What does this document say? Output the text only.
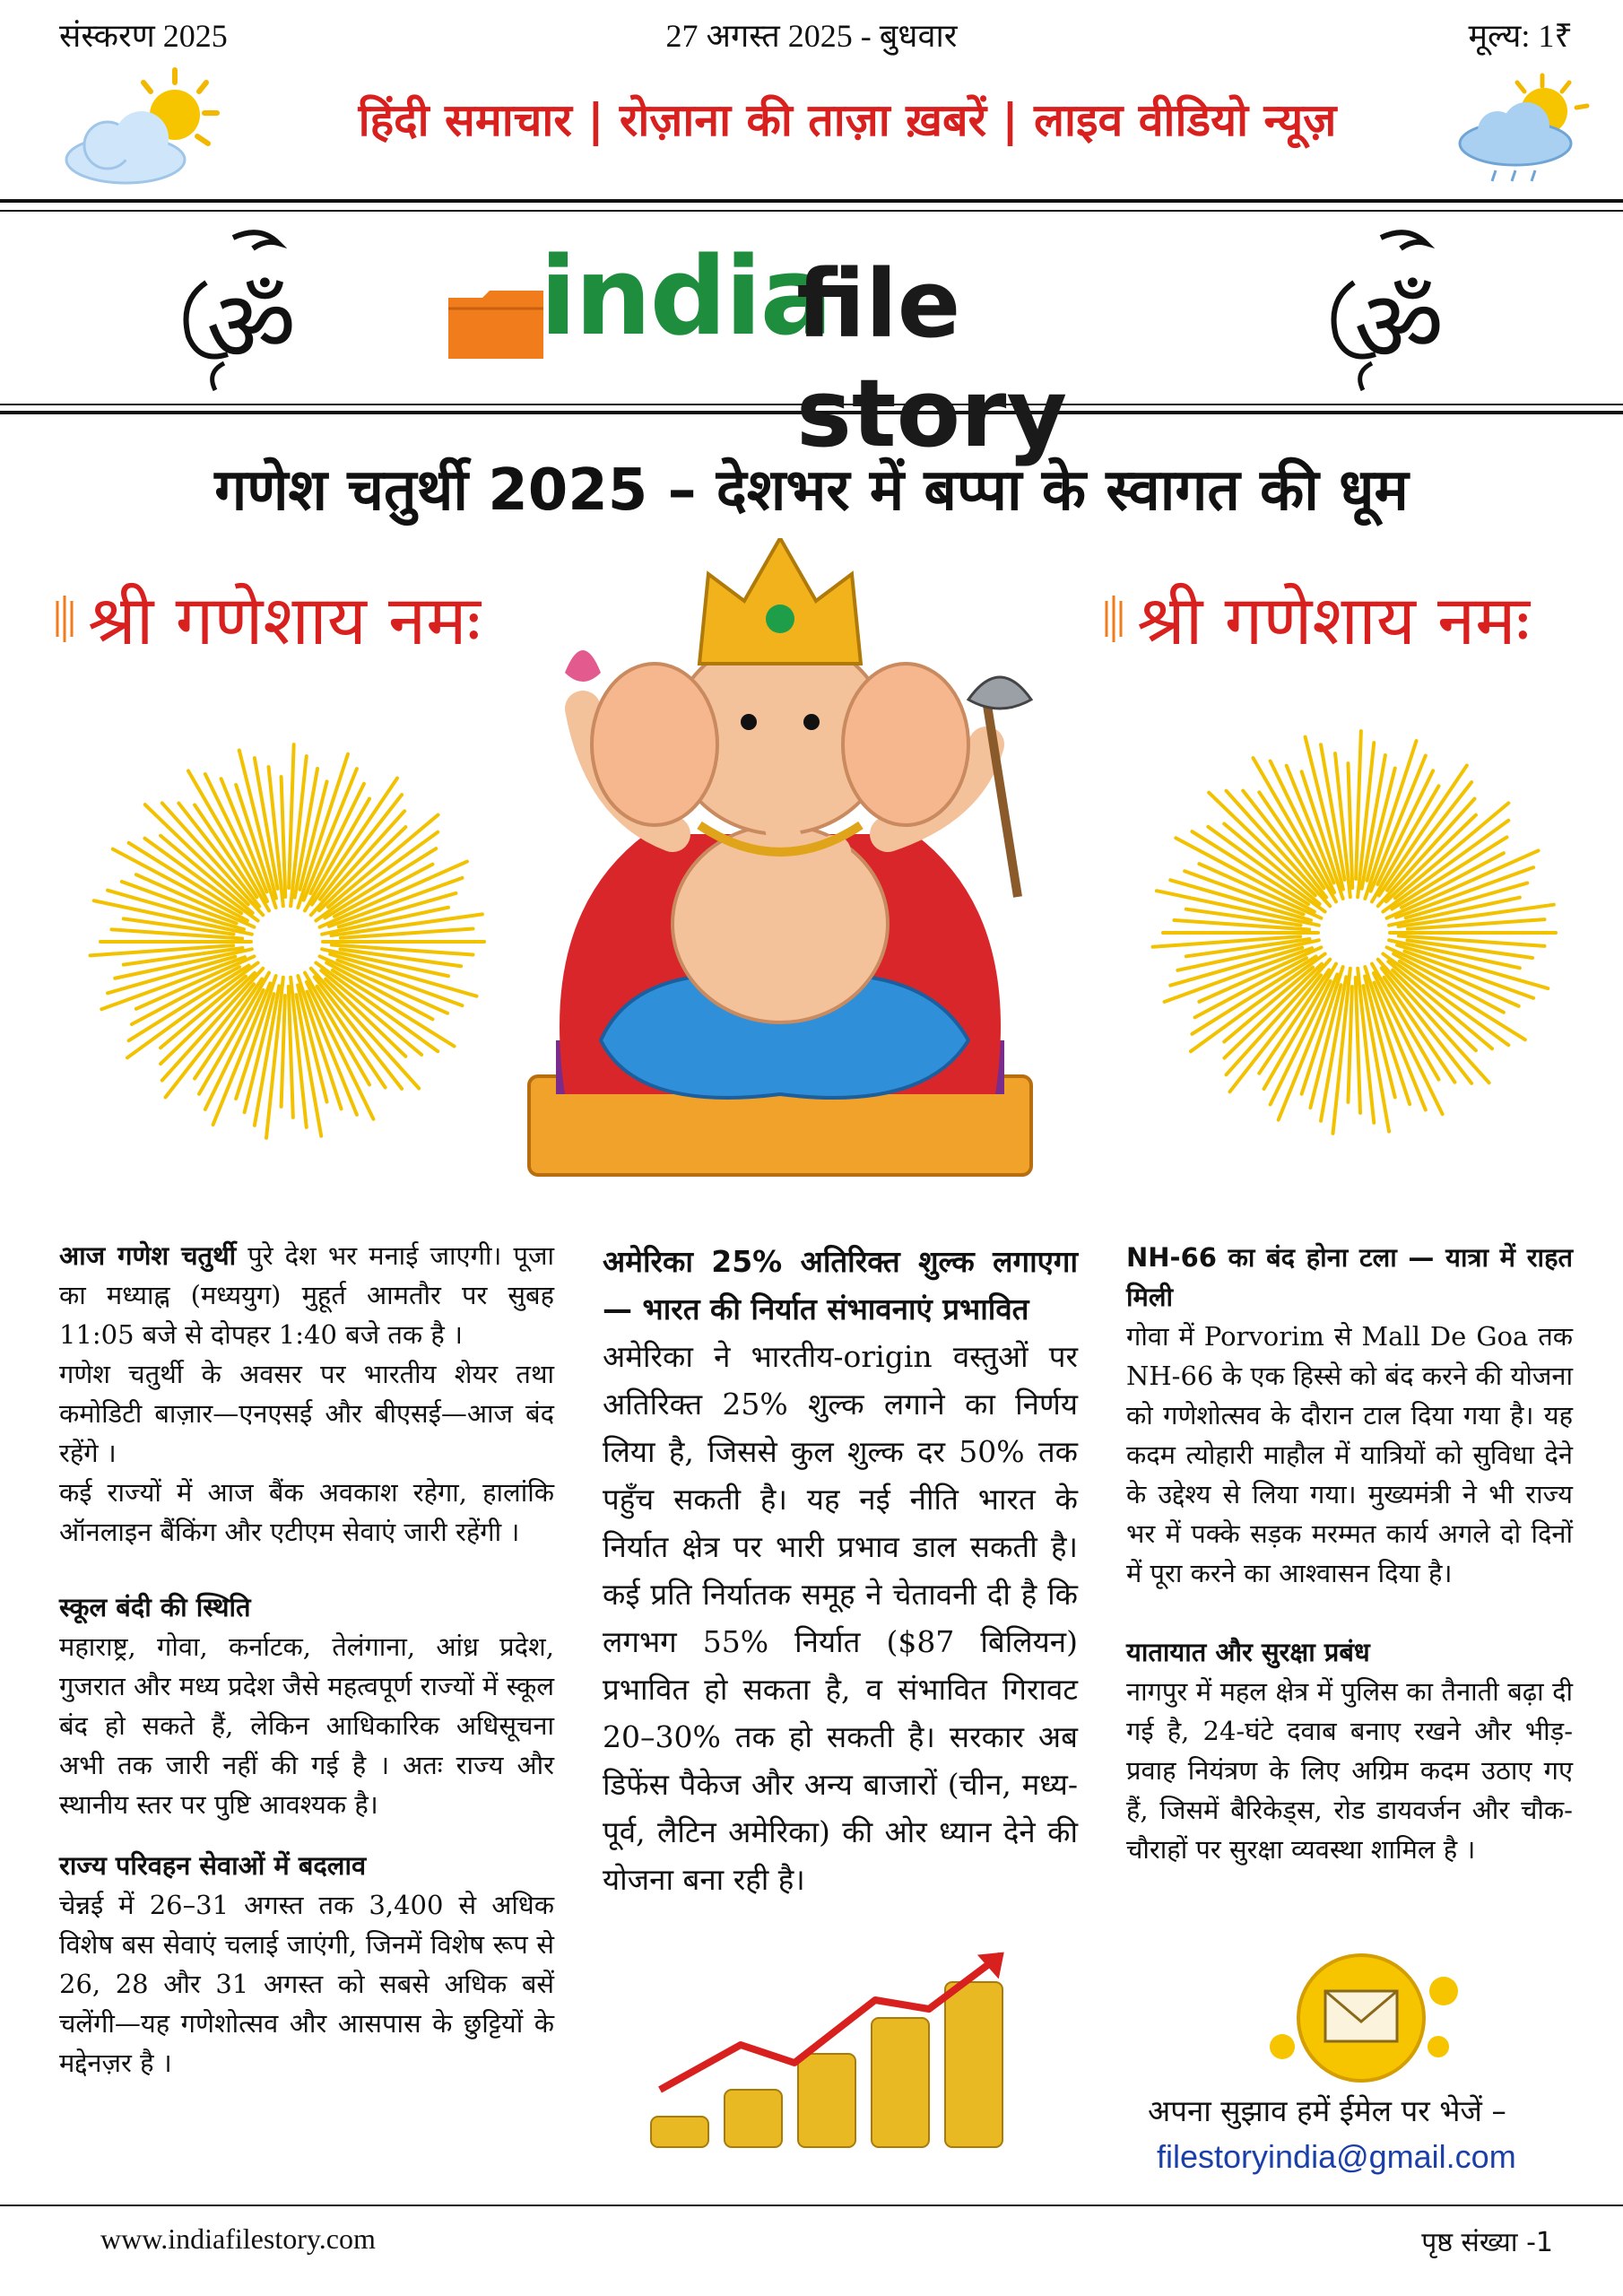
संस्करण 2025	27 अगस्त 2025 - बुधवार	मूल्य: 1₹
हिंदी समाचार | रोज़ाना की ताज़ा ख़बरें | लाइव वीडियो न्यूज़
ॐ	ॐ
india
file story
गणेश चतुर्थी 2025 – देशभर में बप्पा के स्वागत की धूम
श्री गणेशाय नमः	श्री गणेशाय नमः

आज गणेश चतुर्थी पुरे देश भर मनाई जाएगी। पूजा का मध्याह्न (मध्ययुग) मुहूर्त आमतौर पर सुबह 11:05 बजे से दोपहर 1:40 बजे तक है ।

गणेश चतुर्थी के अवसर पर भारतीय शेयर तथा कमोडिटी बाज़ार—एनएसई और बीएसई—आज बंद रहेंगे ।

कई राज्यों में आज बैंक अवकाश रहेगा, हालांकि ऑनलाइन बैंकिंग और एटीएम सेवाएं जारी रहेंगी ।

स्कूल बंदी की स्थिति

महाराष्ट्र, गोवा, कर्नाटक, तेलंगाना, आंध्र प्रदेश, गुजरात और मध्य प्रदेश जैसे महत्वपूर्ण राज्यों में स्कूल बंद हो सकते हैं, लेकिन आधिकारिक अधिसूचना अभी तक जारी नहीं की गई है । अतः राज्य और स्थानीय स्तर पर पुष्टि आवश्यक है।

राज्य परिवहन सेवाओं में बदलाव

चेन्नई में 26–31 अगस्त तक 3,400 से अधिक विशेष बस सेवाएं चलाई जाएंगी, जिनमें विशेष रूप से 26, 28 और 31 अगस्त को सबसे अधिक बसें चलेंगी—यह गणेशोत्सव और आसपास के छुट्टियों के मद्देनज़र है ।

अमेरिका 25% अतिरिक्त शुल्क लगाएगा — भारत की निर्यात संभावनाएं प्रभावित

अमेरिका ने भारतीय-origin वस्तुओं पर अतिरिक्त 25% शुल्क लगाने का निर्णय लिया है, जिससे कुल शुल्क दर 50% तक पहुँच सकती है। यह नई नीति भारत के निर्यात क्षेत्र पर भारी प्रभाव डाल सकती है। कई प्रति निर्यातक समूह ने चेतावनी दी है कि लगभग 55% निर्यात ($87 बिलियन) प्रभावित हो सकता है, व संभावित गिरावट 20–30% तक हो सकती है। सरकार अब डिफेंस पैकेज और अन्य बाजारों (चीन, मध्य-पूर्व, लैटिन अमेरिका) की ओर ध्यान देने की योजना बना रही है।

NH-66 का बंद होना टला — यात्रा में राहत मिली

गोवा में Porvorim से Mall De Goa तक NH-66 के एक हिस्से को बंद करने की योजना को गणेशोत्सव के दौरान टाल दिया गया है। यह कदम त्योहारी माहौल में यात्रियों को सुविधा देने के उद्देश्य से लिया गया। मुख्यमंत्री ने भी राज्य भर में पक्के सड़क मरम्मत कार्य अगले दो दिनों में पूरा करने का आश्वासन दिया है।

यातायात और सुरक्षा प्रबंध

नागपुर में महल क्षेत्र में पुलिस का तैनाती बढ़ा दी गई है, 24-घंटे दवाब बनाए रखने और भीड़-प्रवाह नियंत्रण के लिए अग्रिम कदम उठाए गए हैं, जिसमें बैरिकेड्स, रोड डायवर्जन और चौक-चौराहों पर सुरक्षा व्यवस्था शामिल है ।

अपना सुझाव हमें ईमेल पर भेजें –
filestoryindia@gmail.com
www.indiafilestory.com	पृष्ठ संख्या -1
